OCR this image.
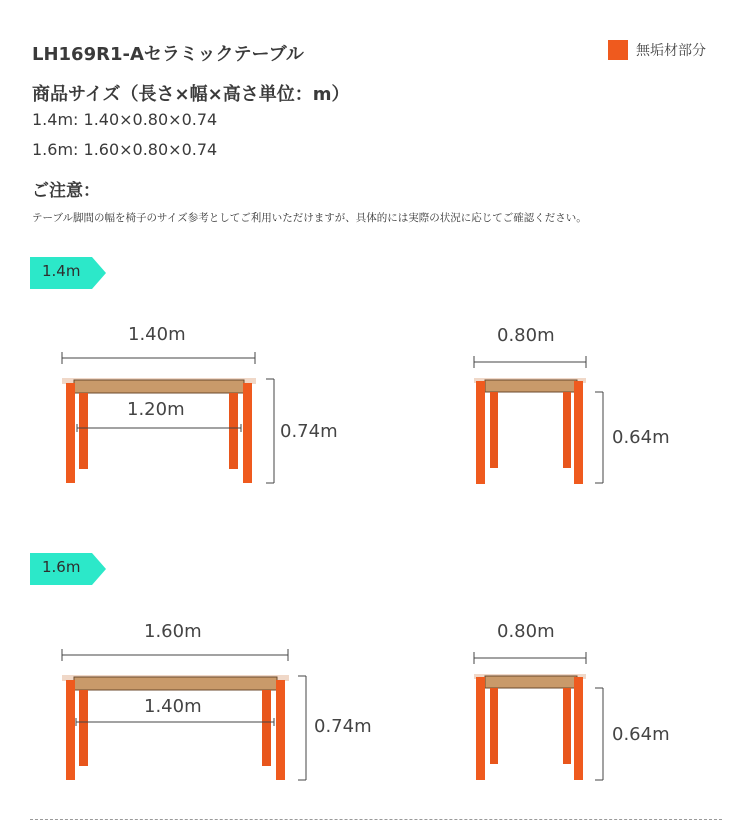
LH169R1-Aセラミックテーブル	無垢材部分
商品サイズ（長さ×幅×高さ単位：m）
1.4m: 1.40×0.80×0.74
1.6m: 1.60×0.80×0.74
ご注意：
テーブル脚間の幅を椅子のサイズ参考としてご利用いただけますが、具体的には実際の状況に応じてご確認ください。
1.4m
1.40m
1.20m
0.74m
0.80m
0.64m
1.6m
1.60m
1.40m
0.74m
0.80m
0.64m
